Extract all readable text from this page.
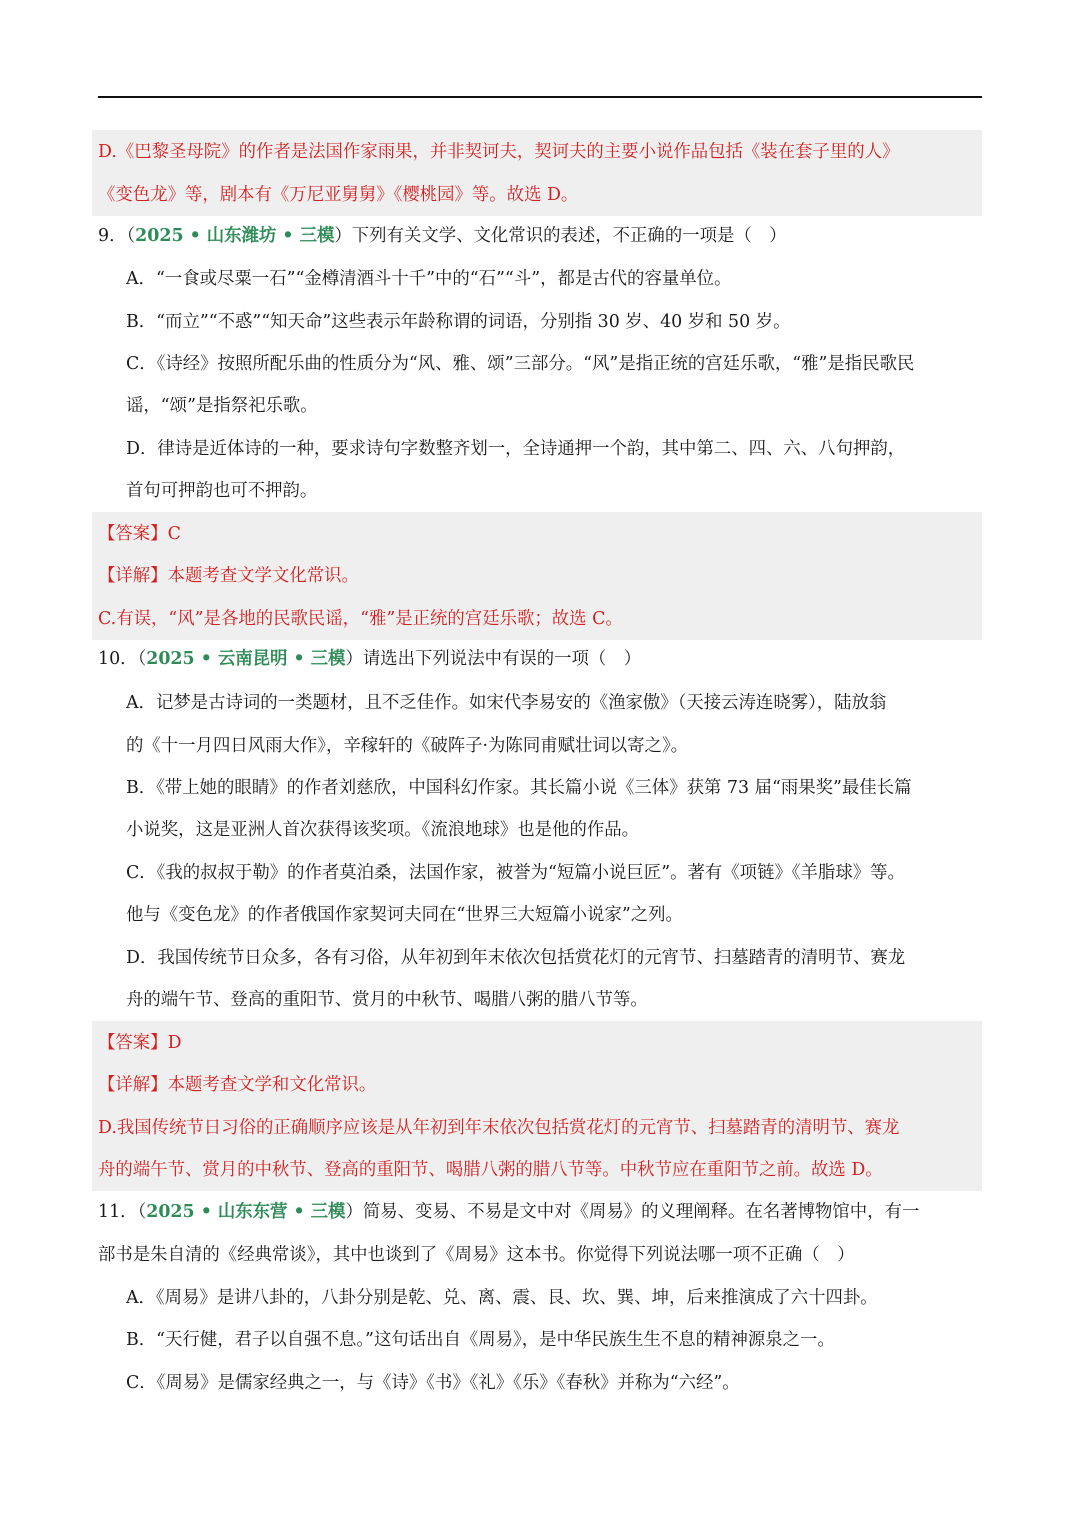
D.《巴黎圣母院》的作者是法国作家雨果，并非契诃夫，契诃夫的主要小说作品包括《装在套子里的人》
《变色龙》等，剧本有《万尼亚舅舅》《樱桃园》等。故选 D。
9．（2025 • 山东潍坊 • 三模）下列有关文学、文化常识的表述，不正确的一项是（　）
A．“一食或尽粟一石”“金樽清酒斗十千”中的“石”“斗”，都是古代的容量单位。
B．“而立”“不惑”“知天命”这些表示年龄称谓的词语，分别指 30 岁、40 岁和 50 岁。
C．《诗经》按照所配乐曲的性质分为“风、雅、颂”三部分。“风”是指正统的宫廷乐歌，“雅”是指民歌民
谣，“颂”是指祭祀乐歌。
D．律诗是近体诗的一种，要求诗句字数整齐划一，全诗通押一个韵，其中第二、四、六、八句押韵，
首句可押韵也可不押韵。
【答案】C
【详解】本题考查文学文化常识。
C.有误，“风”是各地的民歌民谣，“雅”是正统的宫廷乐歌；故选 C。
10．（2025 • 云南昆明 • 三模）请选出下列说法中有误的一项（　）
A．记梦是古诗词的一类题材，且不乏佳作。如宋代李易安的《渔家傲》（天接云涛连晓雾），陆放翁
的《十一月四日风雨大作》，辛稼轩的《破阵子·为陈同甫赋壮词以寄之》。
B．《带上她的眼睛》的作者刘慈欣，中国科幻作家。其长篇小说《三体》获第 73 届“雨果奖”最佳长篇
小说奖，这是亚洲人首次获得该奖项。《流浪地球》也是他的作品。
C．《我的叔叔于勒》的作者莫泊桑，法国作家，被誉为“短篇小说巨匠”。著有《项链》《羊脂球》等。
他与《变色龙》的作者俄国作家契诃夫同在“世界三大短篇小说家”之列。
D．我国传统节日众多，各有习俗，从年初到年末依次包括赏花灯的元宵节、扫墓踏青的清明节、赛龙
舟的端午节、登高的重阳节、赏月的中秋节、喝腊八粥的腊八节等。
【答案】D
【详解】本题考查文学和文化常识。
D.我国传统节日习俗的正确顺序应该是从年初到年末依次包括赏花灯的元宵节、扫墓踏青的清明节、赛龙
舟的端午节、赏月的中秋节、登高的重阳节、喝腊八粥的腊八节等。中秋节应在重阳节之前。故选 D。
11．（2025 • 山东东营 • 三模）简易、变易、不易是文中对《周易》的义理阐释。在名著博物馆中，有一
部书是朱自清的《经典常谈》，其中也谈到了《周易》这本书。你觉得下列说法哪一项不正确（　）
A．《周易》是讲八卦的，八卦分别是乾、兑、离、震、艮、坎、巽、坤，后来推演成了六十四卦。
B．“天行健，君子以自强不息。”这句话出自《周易》，是中华民族生生不息的精神源泉之一。
C．《周易》是儒家经典之一，与《诗》《书》《礼》《乐》《春秋》并称为“六经”。
